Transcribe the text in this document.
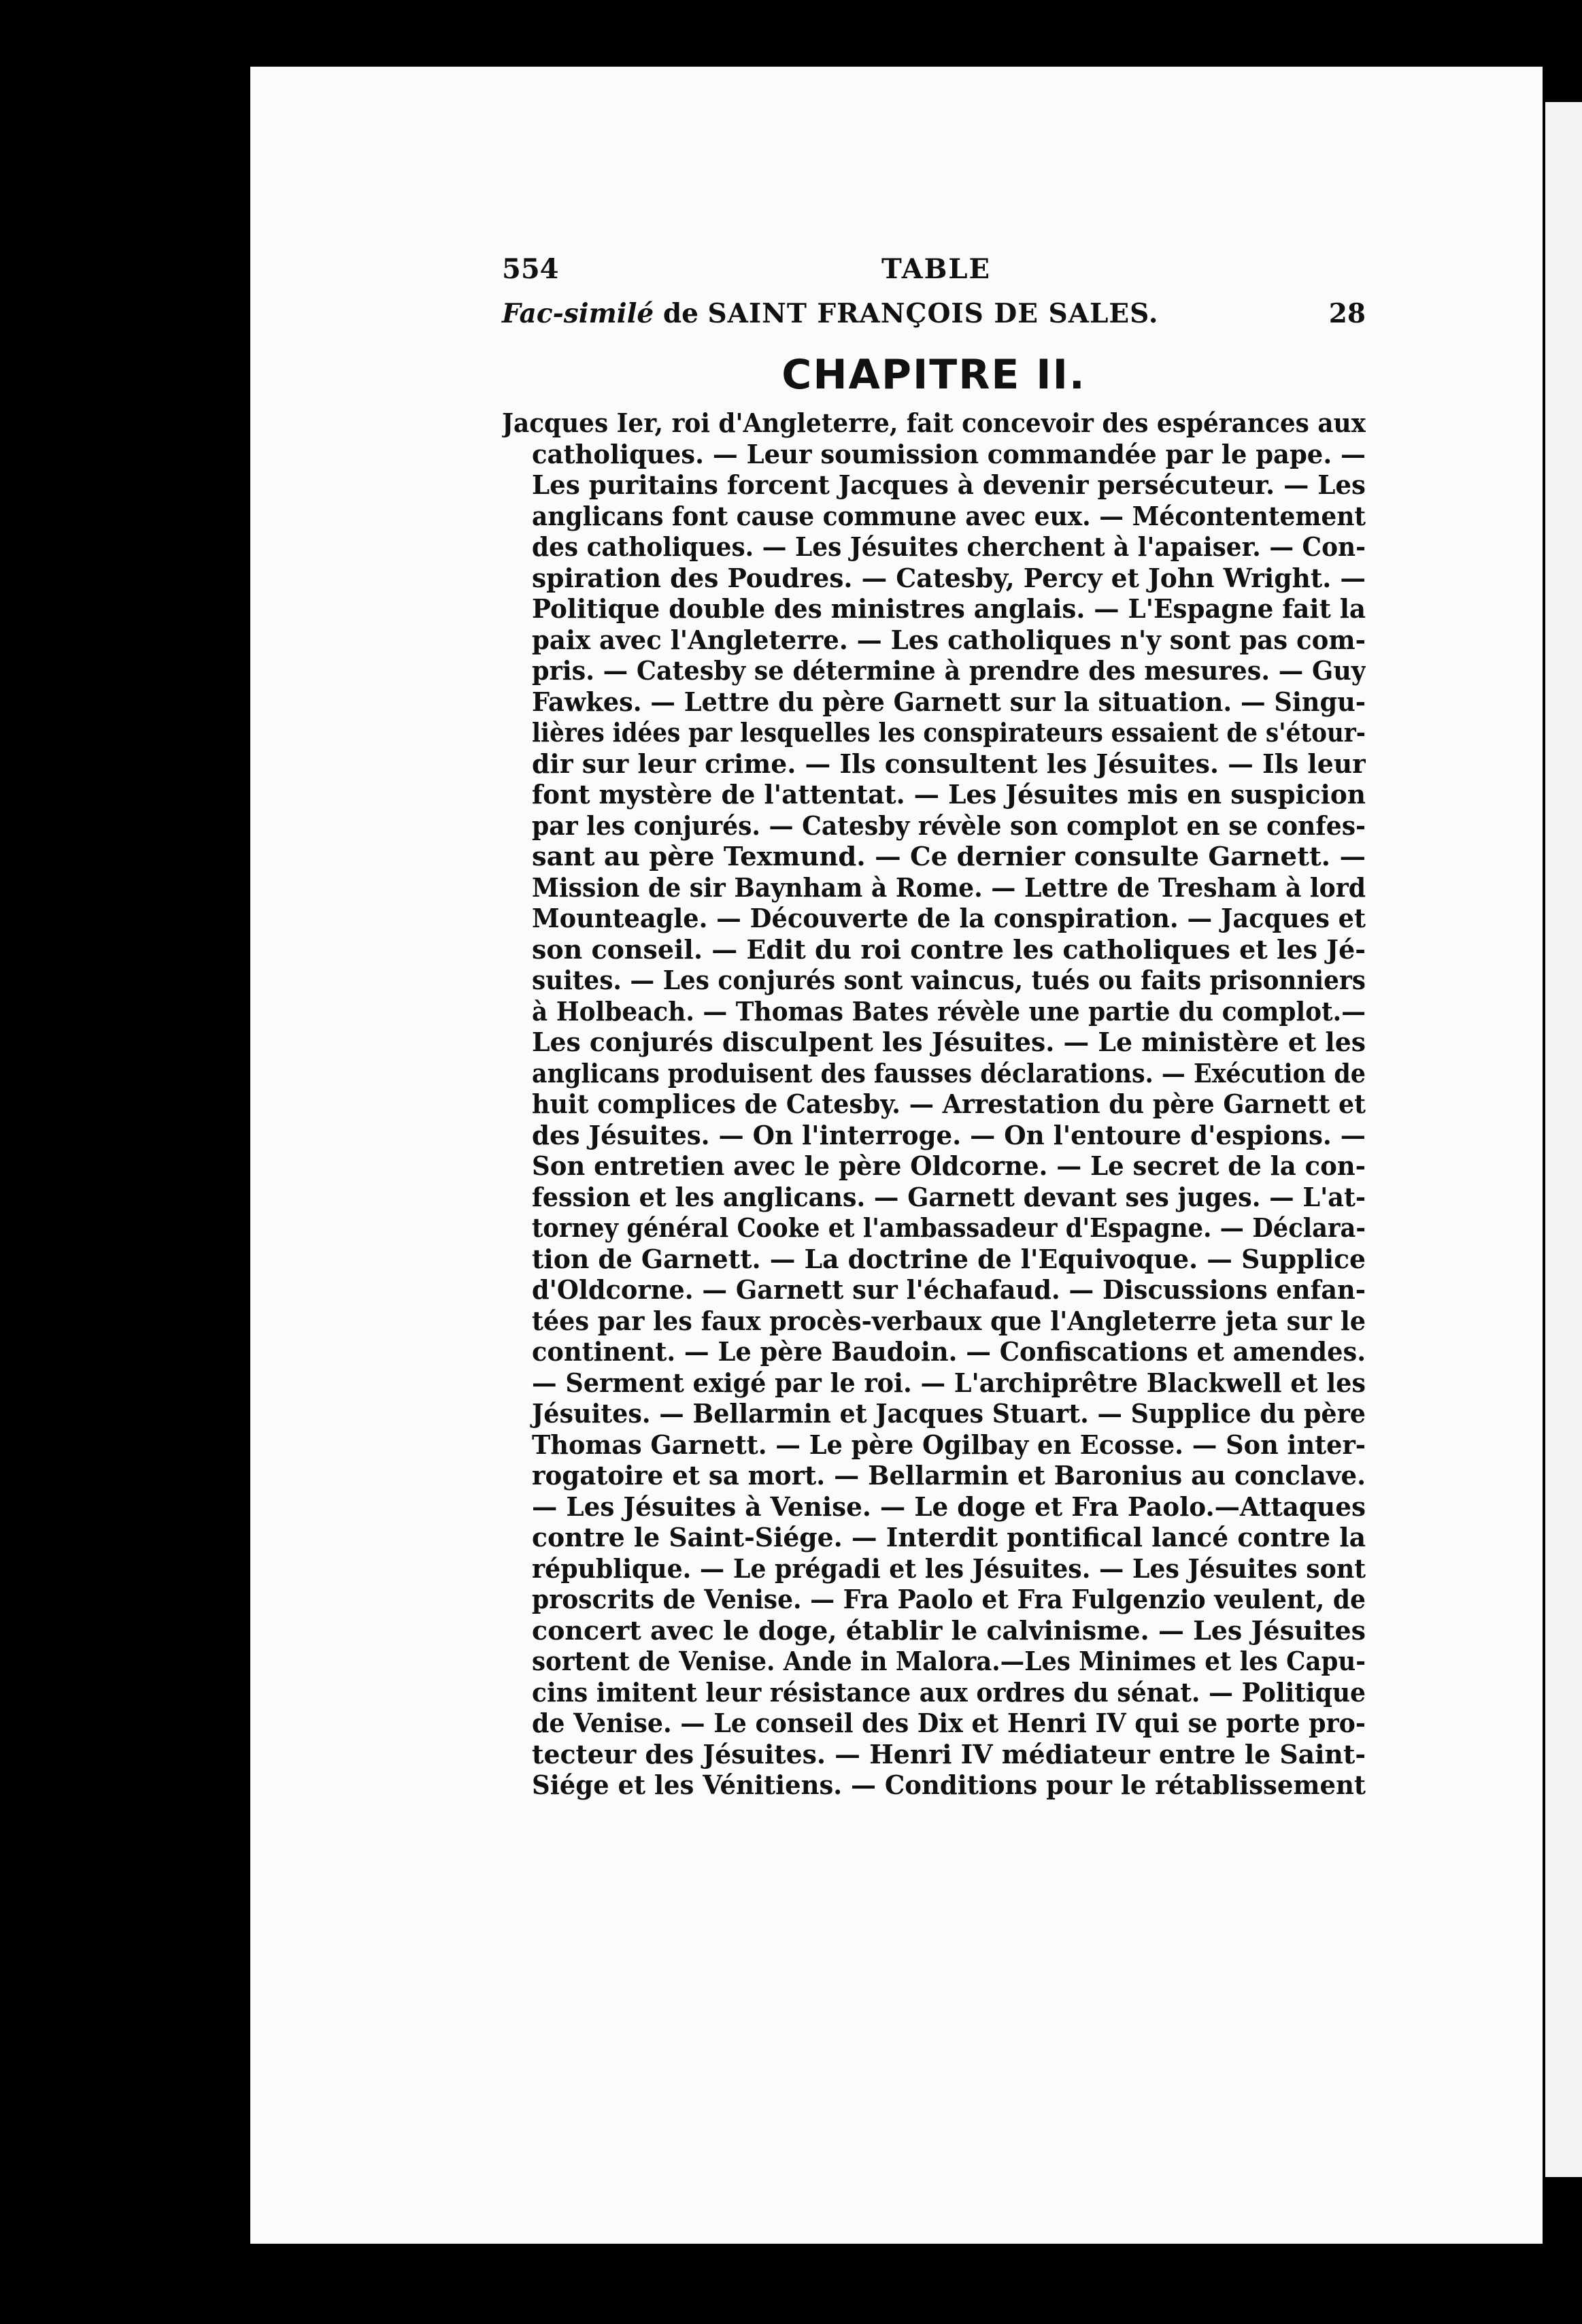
554	TABLE
Fac-similé de SAINT FRANÇOIS DE SALES.	28
CHAPITRE II.
Jacques Ier, roi d'Angleterre, fait concevoir des espérances aux
catholiques. — Leur soumission commandée par le pape. —
Les puritains forcent Jacques à devenir persécuteur. — Les
anglicans font cause commune avec eux. — Mécontentement
des catholiques. — Les Jésuites cherchent à l'apaiser. — Con-
spiration des Poudres. — Catesby, Percy et John Wright. —
Politique double des ministres anglais. — L'Espagne fait la
paix avec l'Angleterre. — Les catholiques n'y sont pas com-
pris. — Catesby se détermine à prendre des mesures. — Guy
Fawkes. — Lettre du père Garnett sur la situation. — Singu-
lières idées par lesquelles les conspirateurs essaient de s'étour-
dir sur leur crime. — Ils consultent les Jésuites. — Ils leur
font mystère de l'attentat. — Les Jésuites mis en suspicion
par les conjurés. — Catesby révèle son complot en se confes-
sant au père Texmund. — Ce dernier consulte Garnett. —
Mission de sir Baynham à Rome. — Lettre de Tresham à lord
Mounteagle. — Découverte de la conspiration. — Jacques et
son conseil. — Edit du roi contre les catholiques et les Jé-
suites. — Les conjurés sont vaincus, tués ou faits prisonniers
à Holbeach. — Thomas Bates révèle une partie du complot.—
Les conjurés disculpent les Jésuites. — Le ministère et les
anglicans produisent des fausses déclarations. — Exécution de
huit complices de Catesby. — Arrestation du père Garnett et
des Jésuites. — On l'interroge. — On l'entoure d'espions. —
Son entretien avec le père Oldcorne. — Le secret de la con-
fession et les anglicans. — Garnett devant ses juges. — L'at-
torney général Cooke et l'ambassadeur d'Espagne. — Déclara-
tion de Garnett. — La doctrine de l'Equivoque. — Supplice
d'Oldcorne. — Garnett sur l'échafaud. — Discussions enfan-
tées par les faux procès-verbaux que l'Angleterre jeta sur le
continent. — Le père Baudoin. — Confiscations et amendes.
— Serment exigé par le roi. — L'archiprêtre Blackwell et les
Jésuites. — Bellarmin et Jacques Stuart. — Supplice du père
Thomas Garnett. — Le père Ogilbay en Ecosse. — Son inter-
rogatoire et sa mort. — Bellarmin et Baronius au conclave.
— Les Jésuites à Venise. — Le doge et Fra Paolo.—Attaques
contre le Saint-Siége. — Interdit pontifical lancé contre la
république. — Le prégadi et les Jésuites. — Les Jésuites sont
proscrits de Venise. — Fra Paolo et Fra Fulgenzio veulent, de
concert avec le doge, établir le calvinisme. — Les Jésuites
sortent de Venise. Ande in Malora.—Les Minimes et les Capu-
cins imitent leur résistance aux ordres du sénat. — Politique
de Venise. — Le conseil des Dix et Henri IV qui se porte pro-
tecteur des Jésuites. — Henri IV médiateur entre le Saint-
Siége et les Vénitiens. — Conditions pour le rétablissement
